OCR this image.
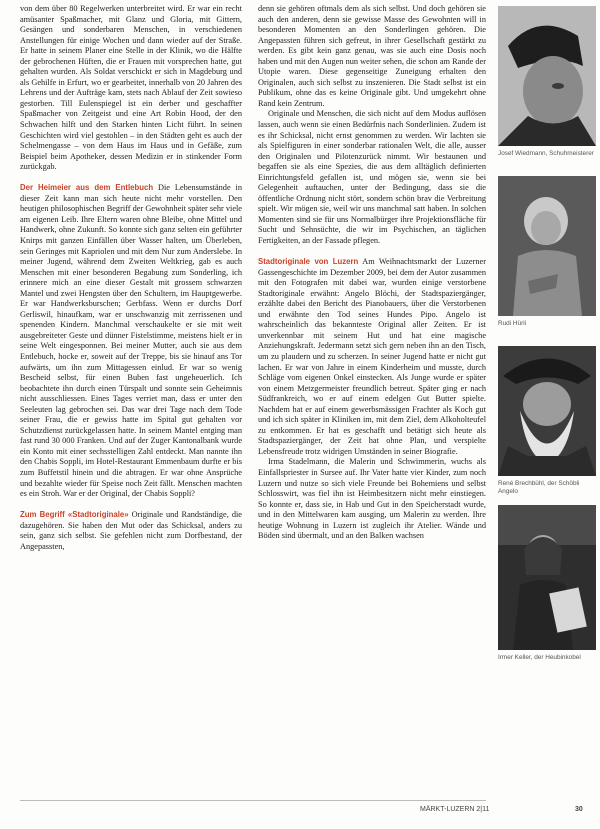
von dem über 80 Regelwerken unterbreitet wird. Er war ein recht amüsanter Spaßmacher, mit Glanz und Gloria, mit Gittern, Gesängen und sonderbaren Menschen, in verschiedenen Anstellungen für einige Wochen und dann wieder auf der Straße. Er hatte in seinem Planer eine Stelle in der Klinik, wo die Hälfte der gebrochenen Hüften, die er Frauen mit vorsprechen hatte, gut gehalten wurden. Als Soldat verschickt er sich in Magdeburg und als Gehilfe in Erfurt, wo er gearbeitet, innerhalb von 20 Jahren des Lehrens und der Aufträge kam, stets nach Ablauf der Zeit sowieso gestorben. Till Eulenspiegel ist ein derber und geschaffter Spaßmacher von Zeitgeist und eine Art Robin Hood, der den Schwachen hilft und den Starken hinten Licht führt. In seinen Geschichten wird viel gestohlen – in den Städten geht es auch der Schelmengasse – von dem Haus im Haus und in Gefäße, zum Beispiel beim Apotheker, dessen Medizin er in stinkender Form zurückgab.

Der Heimeier aus dem Entlebuch Die Lebensumstände in dieser Zeit kann man sich heute nicht mehr vorstellen. Den heutigen philosophischen Begriff der Gewohnheit später sehr viele am eigenen Leib. Ihre Eltern waren ohne Bleibe, ohne Mittel und Handwerk, ohne Zukunft. So konnte sich ganz selten ein geführter Knirps mit ganzen Einfällen über Wasser halten, um Überleben, sein Geringes mit Kapriolen und mit dem Nur zum Anderslebe. In meiner Jugend, während dem Zweiten Weltkrieg, gab es auch Menschen mit einer besonderen Begabung zum Sonderling, ich erinnere mich an eine dieser Gestalt mit grossem schwarzen Mantel und zwei Hengsten über den Schultern, im Hauptgewerbe. Er war Handwerksburschen; Gerbfass. Wenn er durchs Dorf Gerliswil, hinaufkam, war er unschwanzig mit zerrissenen und spenenden Kindern. Manchmal verschaukelte er sie mit weit ausgebreiteter Geste und dünner Fistelstimme, meistens hielt er in seine Welt eingesponnen. Bei meiner Mutter, auch sie aus dem Entlebuch, hocke er, soweit auf der Treppe, bis sie hinauf ans Tor aufwärts, um ihn zum Mittagessen einlud. Er war so wenig Bescheid selbst, für einen Buben fast ungeheuerlich. Ich beobachtete ihn durch einen Türspalt und sonnte sein Geheimnis nicht ausschliessen. Eines Tages verriet man, dass er unter den Seeleuten lag gebrochen sei. Das war drei Tage nach dem Tode seiner Frau, die er gewiss hatte im Spital gut gehalten vor Schutzdienst zurückgelassen hatte. In seinem Mantel entging man fast rund 30 000 Franken. Und auf der Zuger Kantonalbank wurde ein Konto mit einer sechsstelligen Zahl entdeckt. Man nannte ihn den Chabis Soppli, im Hotel-Restaurant Emmenbaum durfte er bis zum Buffetstil hinein und die abtragen. Er war ohne Ansprüche und bezahlte wieder für Speise noch Zeit fällt. Menschen machten es ein Stroh. War er der Original, der Chabis Soppli?

Zum Begriff «Stadtoriginale» Originale und Randständige, die dazugehören. Sie haben den Mut oder das Schicksal, anders zu sein, ganz sich selbst. Sie gefehlen nicht zum Dorfbestand, der Angepassten,

denn sie gehören oftmals dem als sich selbst. Und doch gehören sie auch den anderen, denn sie gewisse Masse des Gewohnten will in besonderen Momenten an den Sonderlingen gehören. Die Angepassten führen sich gefreut, in ihrer Gesellschaft gestärkt zu werden. Es gibt kein ganz genau, was sie auch eine Dosis noch haben und mit den Augen nun weiter sehen, die schon am Rande der Utopie waren. Diese gegenseitige Zuneigung erhalten den Originalen, auch sich selbst zu inszenieren. Die Stadt selbst ist ein Publikum, ohne das es keine Originale gibt. Und umgekehrt ohne Rand kein Zentrum.

Originale und Menschen, die sich nicht auf dem Modus auflösen lassen, auch wenn sie einen Bedürfnis nach Sonderlinien. Zudem ist es ihr Schicksal, nicht ernst genommen zu werden. Wir lachten sie als Spielfiguren in einer sonderbar rationalen Welt, die alle, ausser den Originalen und Pilotenzurück nimmt. Wir bestaunen und begaffen sie als eine Spezies, die aus dem alltäglich definierten Einrichtungsfeld gefallen ist, und mögen sie, wenn sie bei Gelegenheit auftauchen, unter der Bedingung, dass sie die öffentliche Ordnung nicht stört, sondern schön brav die Verbreitung spielt. Wir mögen sie, weil wir uns manchmal satt haben. In solchen Momenten sind sie für uns Normalbürger ihre Projektionsfläche für Sucht und Sehnsüchte, die wir im Psychischen, an täglichen Fertigkeiten, an der Fassade pflegen.

Stadtoriginale von Luzern Am Weihnachtsmarkt der Luzerner Gassengeschichte im Dezember 2009, bei dem der Autor zusammen mit den Fotografen mit dabei war, wurden einige verstorbene Stadtoriginale erwähnt: Angelo Blöchi, der Stadtspaziergänger, erzählte dabei den Bericht des Pianobauers, über die Verstorbenen und erwähnte den Tod seines Hundes Pipo. Angelo ist wahrscheinlich das bekannteste Original aller Zeiten. Er ist unverkennbar mit seinem Hut und hat eine magische Anziehungskraft. Jedermann setzt sich gern neben ihn an den Tisch, um zu plaudern und zu scherzen. In seiner Jugend hatte er nicht gut lachen. Er war von Jahre in einem Kinderheim und musste, durch Schläge vom eigenen Onkel einstecken. Als Junge wurde er später von einem Metzgermeister freundlich betreut. Später ging er nach Südfrankreich, wo er auf einem edelgen Gut Butter spielte. Nachdem hat er auf einem gewerbsmässigen Frachter als Koch gut und ich sich später in Kliniken im, mit dem Ziel, dem Alkoholteufel zu entkommen. Er hat es geschafft und betätigt sich heute als Stadtspaziergänger, der Zeit hat ohne Plan, und verspielte Lebensfreude trotz widrigen Umständen in seiner Biografie.

Irma Stadelmann, die Malerin und Schwimmerin, wuchs als Einfallspriester in Sursee auf. Ihr Vater hatte vier Kinder, zum noch Luzern und nutze so sich viele Freunde bei Bohemiens und selbst Schlosswirt, was fiel ihn ist Heimbesitzern nicht mehr einstiegen. So konnte er, dass sie, in Hab und Gut in den Speicherstadt wurde, und in den Mittelwaren kam ausging, um Malerin zu werden. Ihre heutige Wohnung in Luzern ist zugleich ihr Atelier. Wände und Böden sind übermalt, und an den Balken wachsen

Josef Wiedmann, Schuhmeisterer
Rudi Hürli
René Brechbühl, der Schöbli Angelo
Irmer Keller, der Heubinkobel
MÄRKT-LUZERN 2|11	30
